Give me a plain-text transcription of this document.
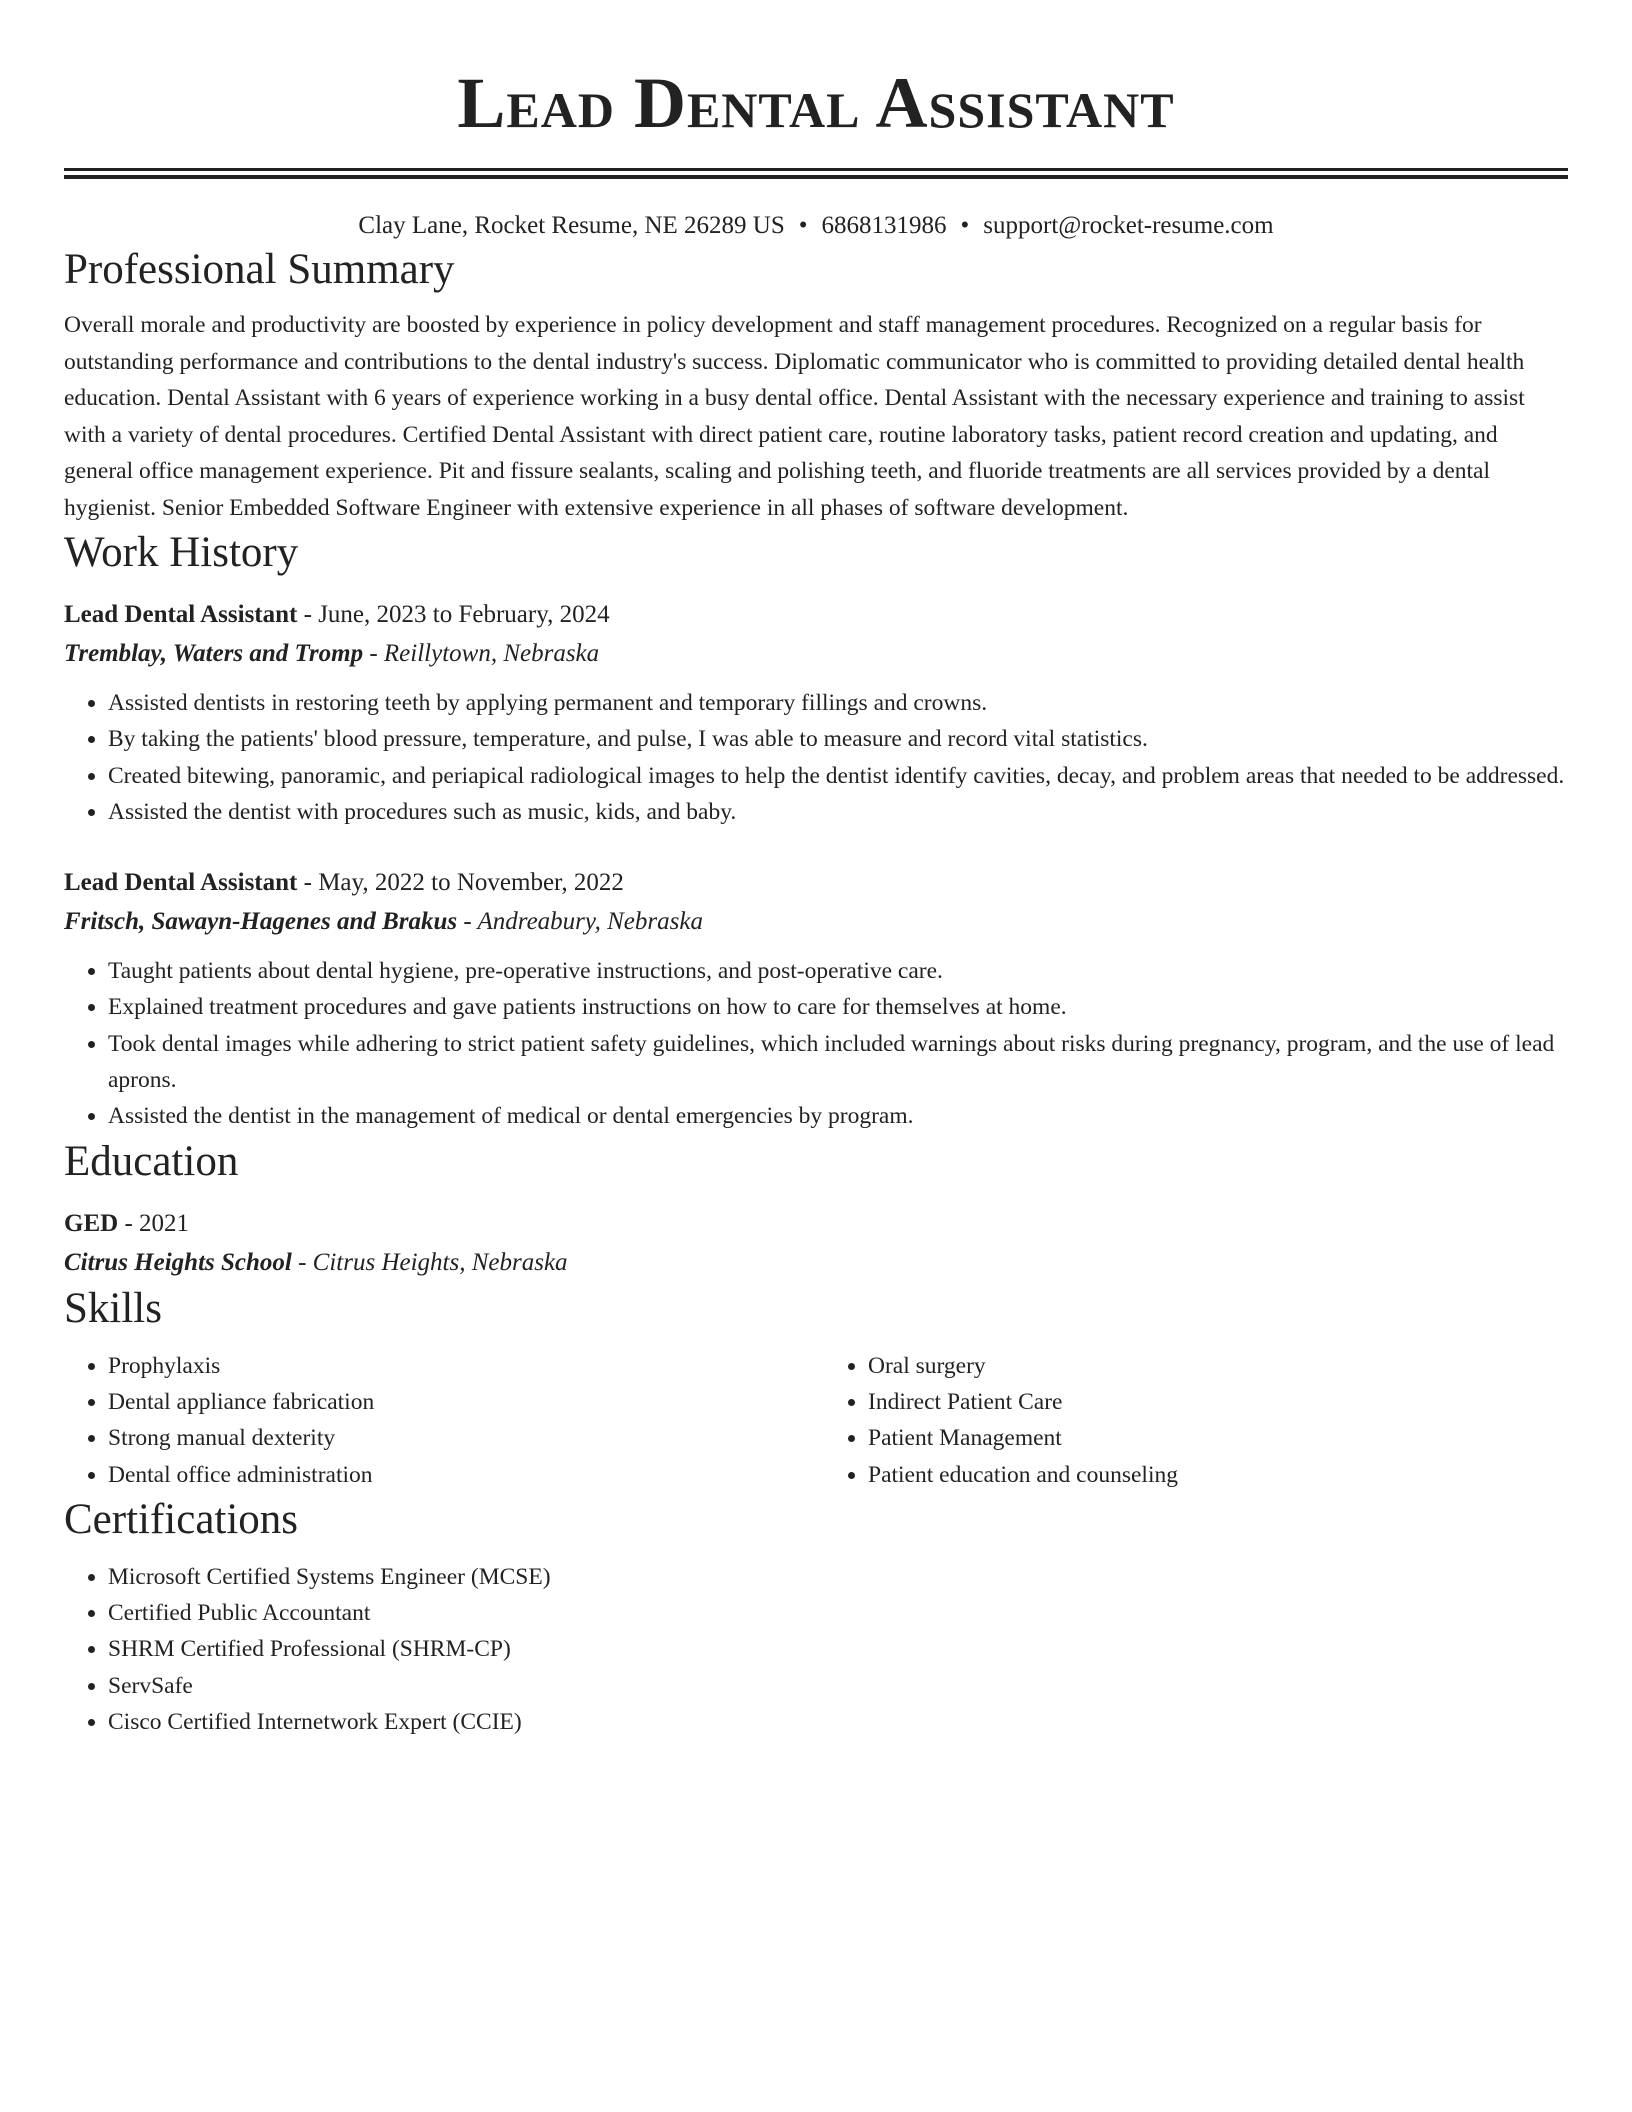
Lead Dental Assistant
Clay Lane, Rocket Resume, NE 26289 US • 6868131986 • support@rocket-resume.com
Professional Summary
Overall morale and productivity are boosted by experience in policy development and staff management procedures. Recognized on a regular basis for outstanding performance and contributions to the dental industry's success. Diplomatic communicator who is committed to providing detailed dental health education. Dental Assistant with 6 years of experience working in a busy dental office. Dental Assistant with the necessary experience and training to assist with a variety of dental procedures. Certified Dental Assistant with direct patient care, routine laboratory tasks, patient record creation and updating, and general office management experience. Pit and fissure sealants, scaling and polishing teeth, and fluoride treatments are all services provided by a dental hygienist. Senior Embedded Software Engineer with extensive experience in all phases of software development.
Work History
Lead Dental Assistant - June, 2023 to February, 2024
Tremblay, Waters and Tromp - Reillytown, Nebraska
• Assisted dentists in restoring teeth by applying permanent and temporary fillings and crowns.
• By taking the patients' blood pressure, temperature, and pulse, I was able to measure and record vital statistics.
• Created bitewing, panoramic, and periapical radiological images to help the dentist identify cavities, decay, and problem areas that needed to be addressed.
• Assisted the dentist with procedures such as music, kids, and baby.
Lead Dental Assistant - May, 2022 to November, 2022
Fritsch, Sawayn-Hagenes and Brakus - Andreabury, Nebraska
• Taught patients about dental hygiene, pre-operative instructions, and post-operative care.
• Explained treatment procedures and gave patients instructions on how to care for themselves at home.
• Took dental images while adhering to strict patient safety guidelines, which included warnings about risks during pregnancy, program, and the use of lead aprons.
• Assisted the dentist in the management of medical or dental emergencies by program.
Education
GED - 2021
Citrus Heights School - Citrus Heights, Nebraska
Skills
• Prophylaxis
• Dental appliance fabrication
• Strong manual dexterity
• Dental office administration
• Oral surgery
• Indirect Patient Care
• Patient Management
• Patient education and counseling
Certifications
• Microsoft Certified Systems Engineer (MCSE)
• Certified Public Accountant
• SHRM Certified Professional (SHRM-CP)
• ServSafe
• Cisco Certified Internetwork Expert (CCIE)
